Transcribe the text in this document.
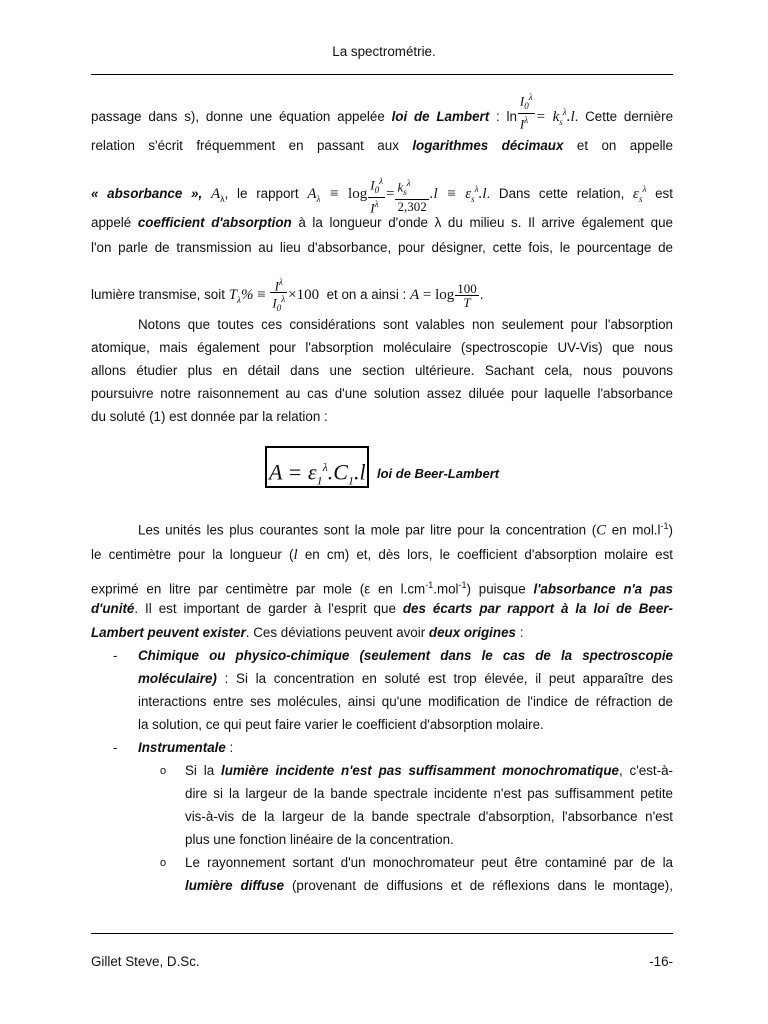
La spectrométrie.
passage dans s), donne une équation appelée loi de Lambert : $\ln \frac{I_0^\lambda}{I^\lambda} = k_s^\lambda.l$. Cette dernière
relation s'écrit fréquemment en passant aux logarithmes décimaux et on appelle
« absorbance », $A_\lambda$, le rapport $A_\lambda \equiv \log \frac{I_0^\lambda}{I^\lambda} = \frac{k_s^\lambda}{2,302} .l \equiv \varepsilon_s^\lambda.l$. Dans cette relation, $\varepsilon_s^\lambda$ est
appelé coefficient d'absorption à la longueur d'onde λ du milieu s. Il arrive également que
l'on parle de transmission au lieu d'absorbance, pour désigner, cette fois, le pourcentage de
lumière transmise, soit $T_\lambda\% \equiv \frac{I^\lambda}{I_0^\lambda} \times 100$ et on a ainsi : $A = \log \frac{100}{T}$ .
Notons que toutes ces considérations sont valables non seulement pour l'absorption
atomique, mais également pour l'absorption moléculaire (spectroscopie UV-Vis) que nous
allons étudier plus en détail dans une section ultérieure. Sachant cela, nous pouvons
poursuivre notre raisonnement au cas d'une solution assez diluée pour laquelle l'absorbance
du soluté (1) est donnée par la relation :
$A = \varepsilon_1^\lambda.C_1.l$ loi de Beer-Lambert
Les unités les plus courantes sont la mole par litre pour la concentration (C en $mol.l^{-1}$)
le centimètre pour la longueur (l en cm) et, dès lors, le coefficient d'absorption molaire est
exprimé en litre par centimètre par mole (ε en $l.cm^{-1}.mol^{-1}$) puisque l'absorbance n'a pas
d'unité. Il est important de garder à l'esprit que des écarts par rapport à la loi de Beer-
Lambert peuvent exister. Ces déviations peuvent avoir deux origines :
- Chimique ou physico-chimique (seulement dans le cas de la spectroscopie
moléculaire) : Si la concentration en soluté est trop élevée, il peut apparaître des
interactions entre ses molécules, ainsi qu'une modification de l'indice de réfraction de
la solution, ce qui peut faire varier le coefficient d'absorption molaire.
- Instrumentale :
o Si la lumière incidente n'est pas suffisamment monochromatique, c'est-à-
dire si la largeur de la bande spectrale incidente n'est pas suffisamment petite
vis-à-vis de la largeur de la bande spectrale d'absorption, l'absorbance n'est
plus une fonction linéaire de la concentration.
o Le rayonnement sortant d'un monochromateur peut être contaminé par de la
lumière diffuse (provenant de diffusions et de réflexions dans le montage),
Gillet Steve, D.Sc.	-16-
